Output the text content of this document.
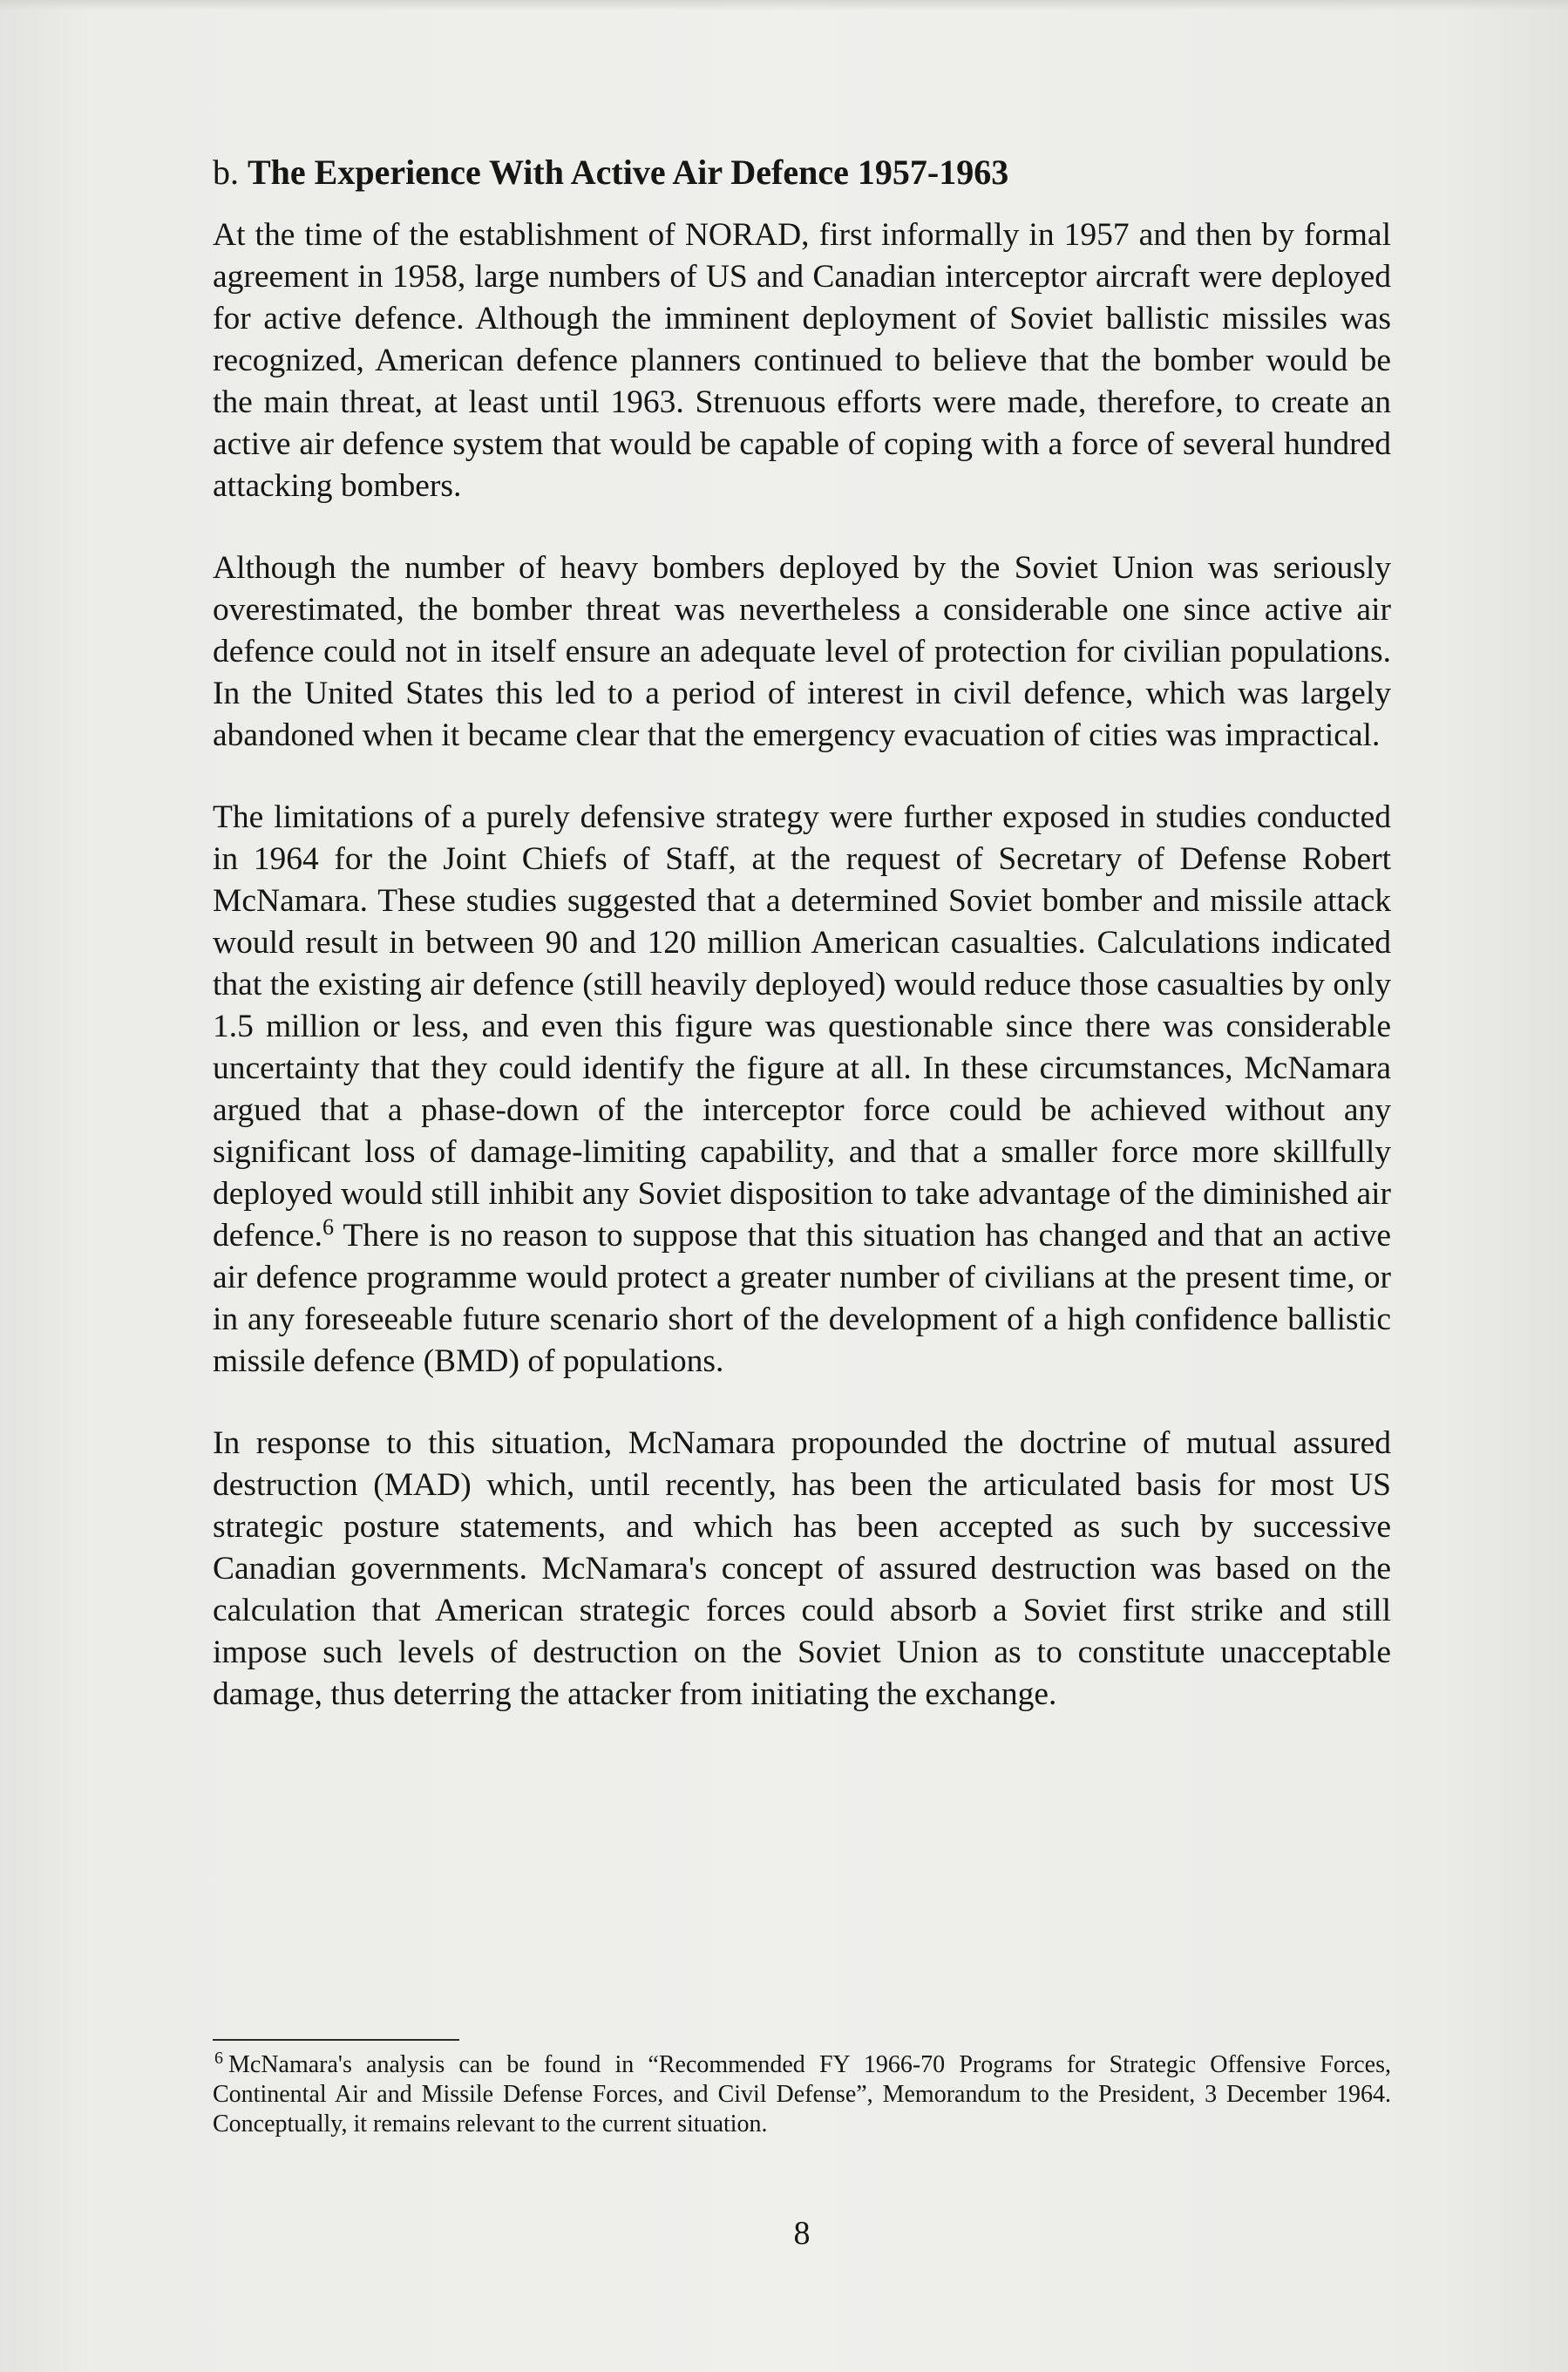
b. The Experience With Active Air Defence 1957-1963

At the time of the establishment of NORAD, first informally in 1957 and then by formal agreement in 1958, large numbers of US and Canadian interceptor aircraft were deployed for active defence. Although the imminent deployment of Soviet ballistic missiles was recognized, American defence planners continued to believe that the bomber would be the main threat, at least until 1963. Strenuous efforts were made, therefore, to create an active air defence system that would be capable of coping with a force of several hundred attacking bombers.

Although the number of heavy bombers deployed by the Soviet Union was seriously overestimated, the bomber threat was nevertheless a considerable one since active air defence could not in itself ensure an adequate level of protection for civilian populations. In the United States this led to a period of interest in civil defence, which was largely abandoned when it became clear that the emergency evacuation of cities was impractical.

The limitations of a purely defensive strategy were further exposed in studies conducted in 1964 for the Joint Chiefs of Staff, at the request of Secretary of Defense Robert McNamara. These studies suggested that a determined Soviet bomber and missile attack would result in between 90 and 120 million American casualties. Calculations indicated that the existing air defence (still heavily deployed) would reduce those casualties by only 1.5 million or less, and even this figure was questionable since there was considerable uncertainty that they could identify the figure at all. In these circumstances, McNamara argued that a phase-down of the interceptor force could be achieved without any significant loss of damage-limiting capability, and that a smaller force more skillfully deployed would still inhibit any Soviet disposition to take advantage of the diminished air defence.$^6$ There is no reason to suppose that this situation has changed and that an active air defence programme would protect a greater number of civilians at the present time, or in any foreseeable future scenario short of the development of a high confidence ballistic missile defence (BMD) of populations.

In response to this situation, McNamara propounded the doctrine of mutual assured destruction (MAD) which, until recently, has been the articulated basis for most US strategic posture statements, and which has been accepted as such by successive Canadian governments. McNamara's concept of assured destruction was based on the calculation that American strategic forces could absorb a Soviet first strike and still impose such levels of destruction on the Soviet Union as to constitute unacceptable damage, thus deterring the attacker from initiating the exchange.

$^6$ McNamara's analysis can be found in “Recommended FY 1966-70 Programs for Strategic Offensive Forces, Continental Air and Missile Defense Forces, and Civil Defense”, Memorandum to the President, 3 December 1964. Conceptually, it remains relevant to the current situation.
8
